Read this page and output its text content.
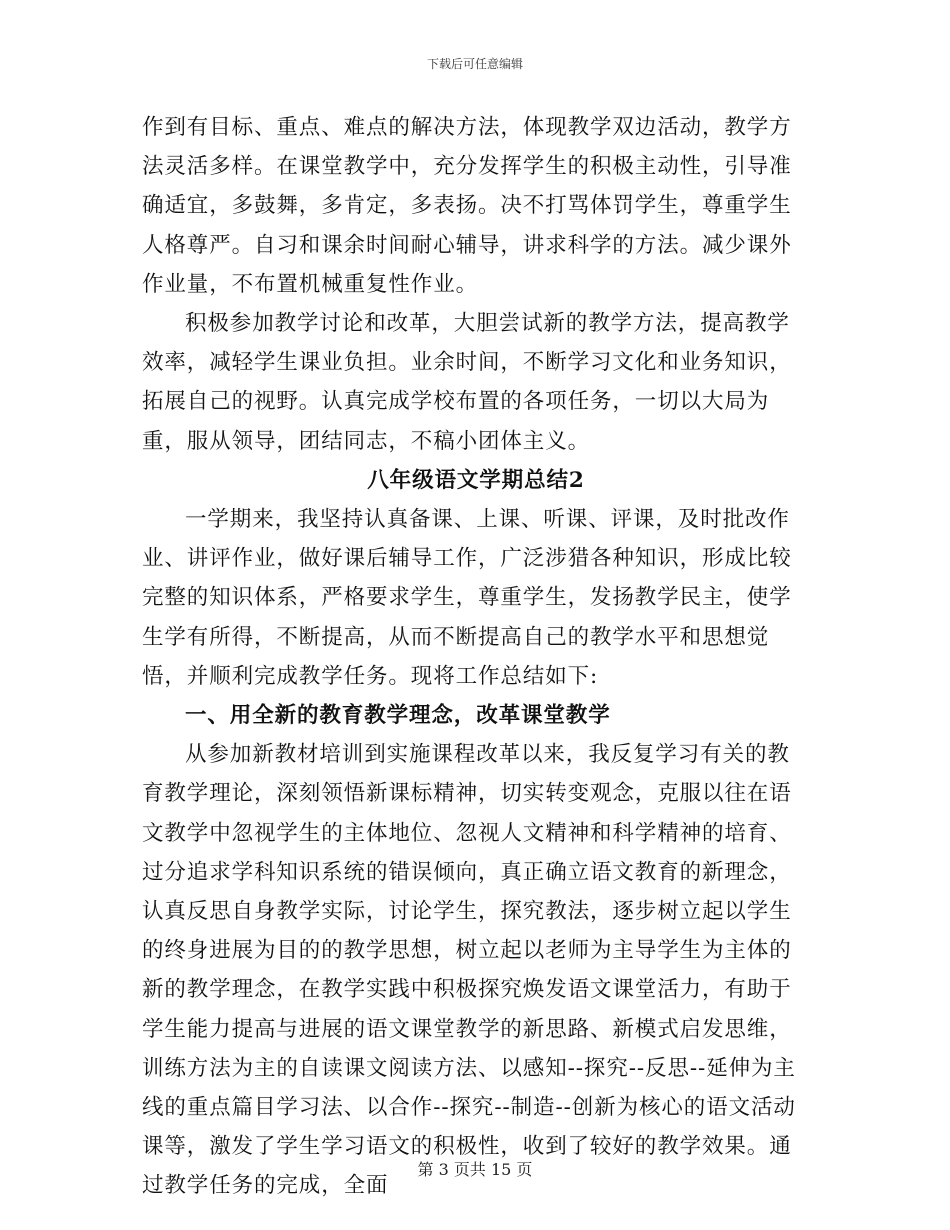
下载后可任意编辑

作到有目标、重点、难点的解决方法，体现教学双边活动，教学方法灵活多样。在课堂教学中，充分发挥学生的积极主动性，引导准确适宜，多鼓舞，多肯定，多表扬。决不打骂体罚学生，尊重学生人格尊严。自习和课余时间耐心辅导，讲求科学的方法。减少课外作业量，不布置机械重复性作业。

积极参加教学讨论和改革，大胆尝试新的教学方法，提高教学效率，减轻学生课业负担。业余时间，不断学习文化和业务知识，拓展自己的视野。认真完成学校布置的各项任务，一切以大局为重，服从领导，团结同志，不稿小团体主义。

八年级语文学期总结2

一学期来，我坚持认真备课、上课、听课、评课，及时批改作业、讲评作业，做好课后辅导工作，广泛涉猎各种知识，形成比较完整的知识体系，严格要求学生，尊重学生，发扬教学民主，使学生学有所得，不断提高，从而不断提高自己的教学水平和思想觉悟，并顺利完成教学任务。现将工作总结如下:

一、用全新的教育教学理念，改革课堂教学

从参加新教材培训到实施课程改革以来，我反复学习有关的教育教学理论，深刻领悟新课标精神，切实转变观念，克服以往在语文教学中忽视学生的主体地位、忽视人文精神和科学精神的培育、过分追求学科知识系统的错误倾向，真正确立语文教育的新理念，认真反思自身教学实际，讨论学生，探究教法，逐步树立起以学生的终身进展为目的的教学思想，树立起以老师为主导学生为主体的新的教学理念，在教学实践中积极探究焕发语文课堂活力，有助于学生能力提高与进展的语文课堂教学的新思路、新模式启发思维，训练方法为主的自读课文阅读方法、以感知--探究--反思--延伸为主线的重点篇目学习法、以合作--探究--制造--创新为核心的语文活动课等，激发了学生学习语文的积极性，收到了较好的教学效果。通过教学任务的完成，全面

第 3 页共 15 页
